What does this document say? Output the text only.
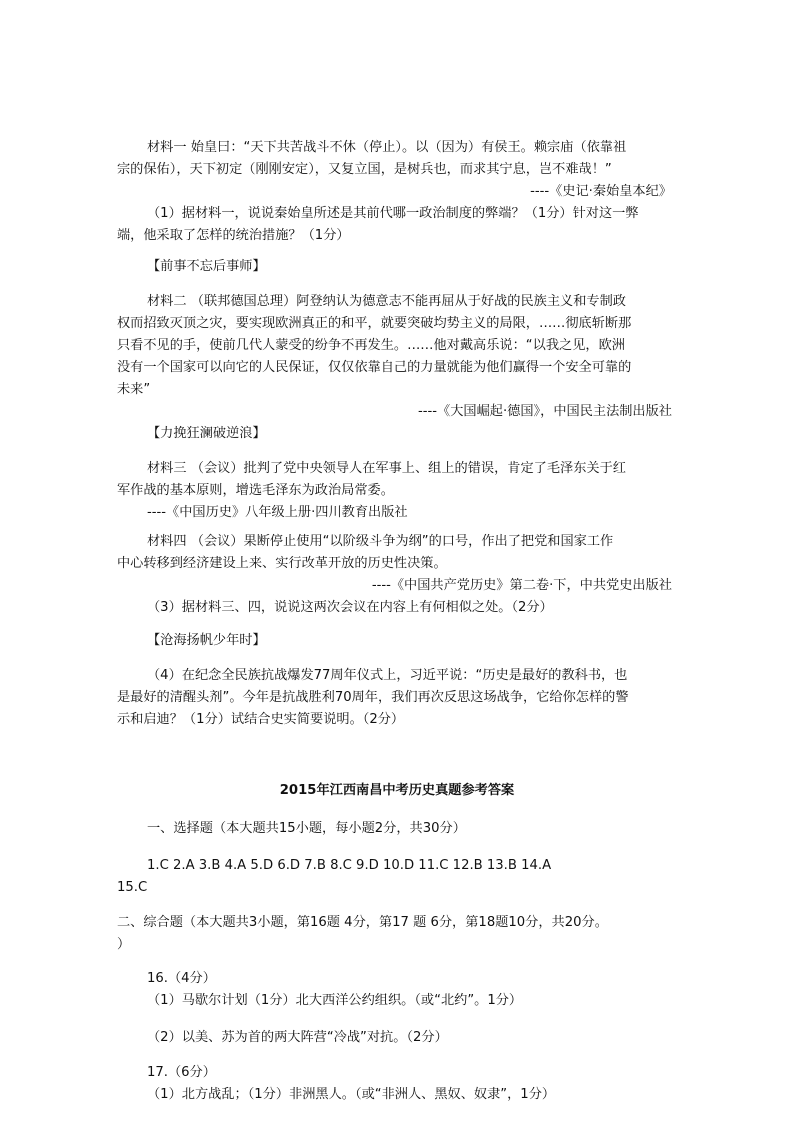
材料一 始皇曰：“天下共苦战斗不休（停止）。以（因为）有侯王。赖宗庙（依靠祖
宗的保佑），天下初定（刚刚安定），又复立国，是树兵也，而求其宁息，岂不难哉！”
----《史记·秦始皇本纪》
（1）据材料一，说说秦始皇所述是其前代哪一政治制度的弊端？（1分）针对这一弊
端，他采取了怎样的统治措施？（1分）
【前事不忘后事师】
材料二 （联邦德国总理）阿登纳认为德意志不能再屈从于好战的民族主义和专制政
权而招致灭顶之灾，要实现欧洲真正的和平，就要突破均势主义的局限，……彻底斩断那
只看不见的手，使前几代人蒙受的纷争不再发生。……他对戴高乐说：“以我之见，欧洲
没有一个国家可以向它的人民保证，仅仅依靠自己的力量就能为他们赢得一个安全可靠的
未来”
----《大国崛起·德国》，中国民主法制出版社
【力挽狂澜破逆浪】
材料三 （会议）批判了党中央领导人在军事上、组上的错误，肯定了毛泽东关于红
军作战的基本原则，增选毛泽东为政治局常委。
----《中国历史》八年级上册·四川教育出版社
材料四 （会议）果断停止使用“以阶级斗争为纲”的口号，作出了把党和国家工作
中心转移到经济建设上来、实行改革开放的历史性决策。
----《中国共产党历史》第二卷·下，中共党史出版社
（3）据材料三、四，说说这两次会议在内容上有何相似之处。（2分）
【沧海扬帆少年时】
（4）在纪念全民族抗战爆发77周年仪式上，习近平说：“历史是最好的教科书，也
是最好的清醒头剂”。今年是抗战胜利70周年，我们再次反思这场战争，它给你怎样的警
示和启迪？（1分）试结合史实简要说明。（2分）
2015年江西南昌中考历史真题参考答案
一、选择题（本大题共15小题，每小题2分，共30分）
1.C 2.A 3.B 4.A 5.D 6.D 7.B 8.C 9.D 10.D 11.C 12.B 13.B 14.A
15.C
二、综合题（本大题共3小题，第16题 4分，第17 题 6分，第18题10分，共20分。
）
16.（4分）
（1）马歇尔计划（1分）北大西洋公约组织。（或“北约”。1分）
（2）以美、苏为首的两大阵营“冷战”对抗。（2分）
17.（6分）
（1）北方战乱；（1分）非洲黑人。（或“非洲人、黑奴、奴隶”，1分）
